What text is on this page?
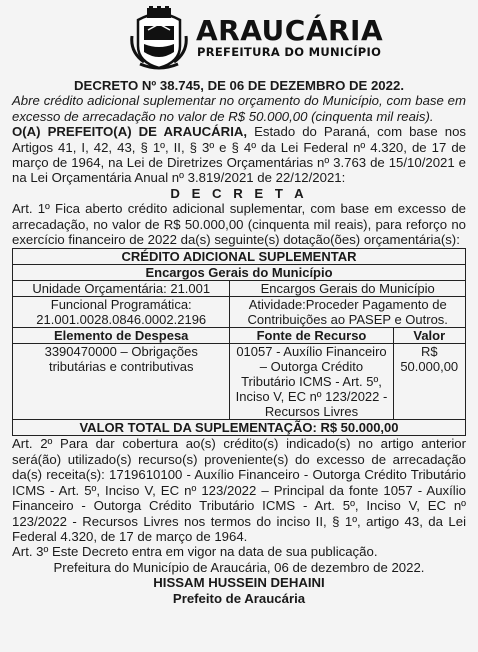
ARAUCÁRIA
PREFEITURA DO MUNICÍPIO
DECRETO Nº 38.745, DE 06 DE DEZEMBRO DE 2022.
Abre crédito adicional suplementar no orçamento do Município, com base em excesso de arrecadação no valor de R$ 50.000,00 (cinquenta mil reais).
O(A) PREFEITO(A) DE ARAUCÁRIA, Estado do Paraná, com base nos Artigos 41, I, 42, 43, § 1º, II, § 3º e § 4º da Lei Federal nº 4.320, de 17 de março de 1964, na Lei de Diretrizes Orçamentárias nº 3.763 de 15/10/2021 e na Lei Orçamentária Anual nº 3.819/2021 de 22/12/2021:
D E C R E T A
Art. 1º Fica aberto crédito adicional suplementar, com base em excesso de arrecadação, no valor de R$ 50.000,00 (cinquenta mil reais), para reforço no exercício financeiro de 2022 da(s) seguinte(s) dotação(ões) orçamentária(s):
CRÉDITO ADICIONAL SUPLEMENTAR		
Encargos Gerais do Município		
Unidade Orçamentária: 21.001	Encargos Gerais do Município	
Funcional Programática: 21.001.0028.0846.0002.2196	Atividade:Proceder Pagamento de Contribuições ao PASEP e Outros.	
Elemento de Despesa	Fonte de Recurso	Valor
3390470000 – Obrigações tributárias e contributivas	01057 - Auxílio Financeiro – Outorga Crédito Tributário ICMS - Art. 5º, Inciso V, EC nº 123/2022 - Recursos Livres	R$ 50.000,00
VALOR TOTAL DA SUPLEMENTAÇÃO: R$ 50.000,00		
Art. 2º Para dar cobertura ao(s) crédito(s) indicado(s) no artigo anterior será(ão) utilizado(s) recurso(s) proveniente(s) do excesso de arrecadação da(s) receita(s): 1719610100 - Auxílio Financeiro - Outorga Crédito Tributário ICMS - Art. 5º, Inciso V, EC nº 123/2022 – Principal da fonte 1057 - Auxílio Financeiro - Outorga Crédito Tributário ICMS - Art. 5º, Inciso V, EC nº 123/2022 - Recursos Livres nos termos do inciso II, § 1º, artigo 43, da Lei Federal 4.320, de 17 de março de 1964.
Art. 3º Este Decreto entra em vigor na data de sua publicação.
Prefeitura do Município de Araucária, 06 de dezembro de 2022.
HISSAM HUSSEIN DEHAINI
Prefeito de Araucária
